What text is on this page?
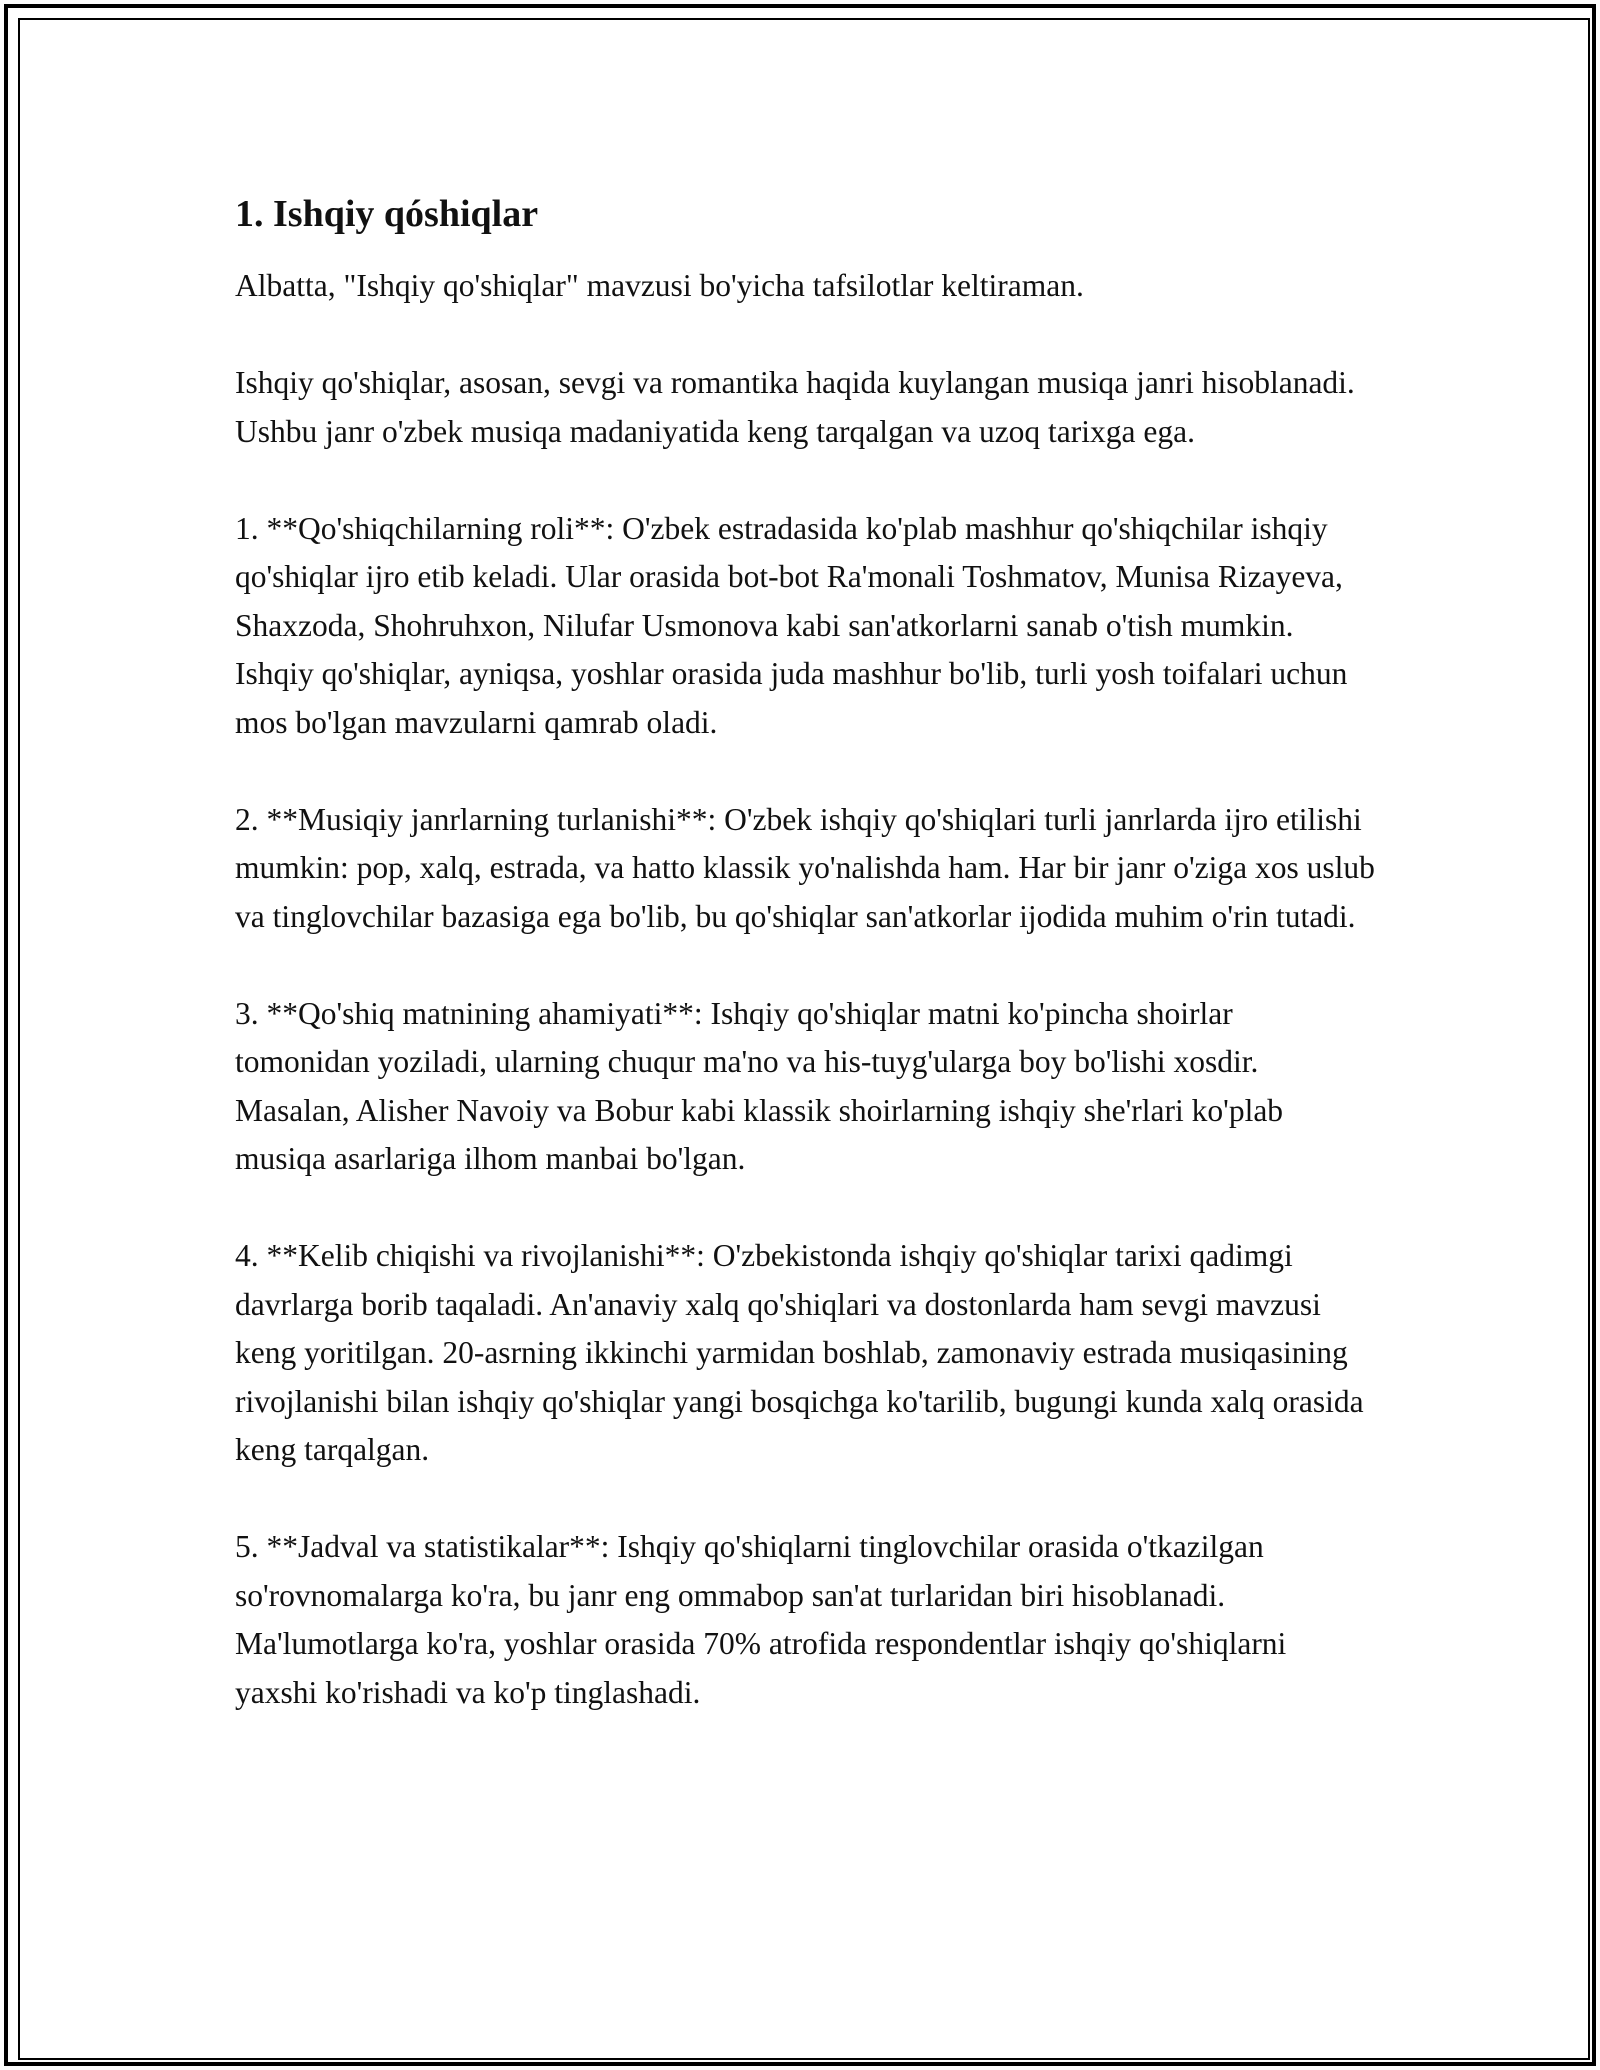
1. Ishqiy qóshiqlar

Albatta, "Ishqiy qo'shiqlar" mavzusi bo'yicha tafsilotlar keltiraman.

Ishqiy qo'shiqlar, asosan, sevgi va romantika haqida kuylangan musiqa janri hisoblanadi. Ushbu janr o'zbek musiqa madaniyatida keng tarqalgan va uzoq tarixga ega.

1. **Qo'shiqchilarning roli**: O'zbek estradasida ko'plab mashhur qo'shiqchilar ishqiy qo'shiqlar ijro etib keladi. Ular orasida bot-bot Ra'monali Toshmatov, Munisa Rizayeva, Shaxzoda, Shohruhxon, Nilufar Usmonova kabi san'atkorlarni sanab o'tish mumkin. Ishqiy qo'shiqlar, ayniqsa, yoshlar orasida juda mashhur bo'lib, turli yosh toifalari uchun mos bo'lgan mavzularni qamrab oladi.

2. **Musiqiy janrlarning turlanishi**: O'zbek ishqiy qo'shiqlari turli janrlarda ijro etilishi mumkin: pop, xalq, estrada, va hatto klassik yo'nalishda ham. Har bir janr o'ziga xos uslub va tinglovchilar bazasiga ega bo'lib, bu qo'shiqlar san'atkorlar ijodida muhim o'rin tutadi.

3. **Qo'shiq matnining ahamiyati**: Ishqiy qo'shiqlar matni ko'pincha shoirlar tomonidan yoziladi, ularning chuqur ma'no va his-tuyg'ularga boy bo'lishi xosdir. Masalan, Alisher Navoiy va Bobur kabi klassik shoirlarning ishqiy she'rlari ko'plab musiqa asarlariga ilhom manbai bo'lgan.

4. **Kelib chiqishi va rivojlanishi**: O'zbekistonda ishqiy qo'shiqlar tarixi qadimgi davrlarga borib taqaladi. An'anaviy xalq qo'shiqlari va dostonlarda ham sevgi mavzusi keng yoritilgan. 20-asrning ikkinchi yarmidan boshlab, zamonaviy estrada musiqasining rivojlanishi bilan ishqiy qo'shiqlar yangi bosqichga ko'tarilib, bugungi kunda xalq orasida keng tarqalgan.

5. **Jadval va statistikalar**: Ishqiy qo'shiqlarni tinglovchilar orasida o'tkazilgan so'rovnomalarga ko'ra, bu janr eng ommabop san'at turlaridan biri hisoblanadi. Ma'lumotlarga ko'ra, yoshlar orasida 70% atrofida respondentlar ishqiy qo'shiqlarni yaxshi ko'rishadi va ko'p tinglashadi.
